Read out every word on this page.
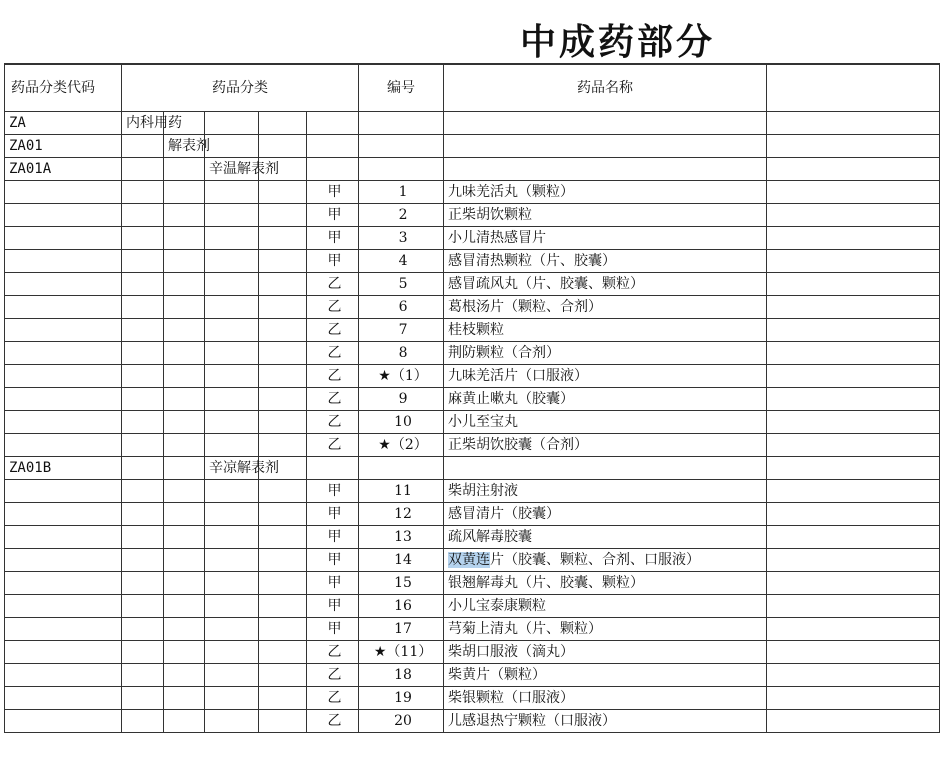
中成药部分
药品分类代码	药品分类					编号	药品名称	
ZA	内科用药							
ZA01		解表剂						
ZA01A			辛温解表剂					
					甲	1	九味羌活丸（颗粒）	
					甲	2	正柴胡饮颗粒	
					甲	3	小儿清热感冒片	
					甲	4	感冒清热颗粒（片、胶囊）	
					乙	5	感冒疏风丸（片、胶囊、颗粒）	
					乙	6	葛根汤片（颗粒、合剂）	
					乙	7	桂枝颗粒	
					乙	8	荆防颗粒（合剂）	
					乙	★（1）	九味羌活片（口服液）	
					乙	9	麻黄止嗽丸（胶囊）	
					乙	10	小儿至宝丸	
					乙	★（2）	正柴胡饮胶囊（合剂）	
ZA01B			辛凉解表剂					
					甲	11	柴胡注射液	
					甲	12	感冒清片（胶囊）	
					甲	13	疏风解毒胶囊	
					甲	14	双黄连片（胶囊、颗粒、合剂、口服液）	
					甲	15	银翘解毒丸（片、胶囊、颗粒）	
					甲	16	小儿宝泰康颗粒	
					甲	17	芎菊上清丸（片、颗粒）	
					乙	★（11）	柴胡口服液（滴丸）	
					乙	18	柴黄片（颗粒）	
					乙	19	柴银颗粒（口服液）	
					乙	20	儿感退热宁颗粒（口服液）	
